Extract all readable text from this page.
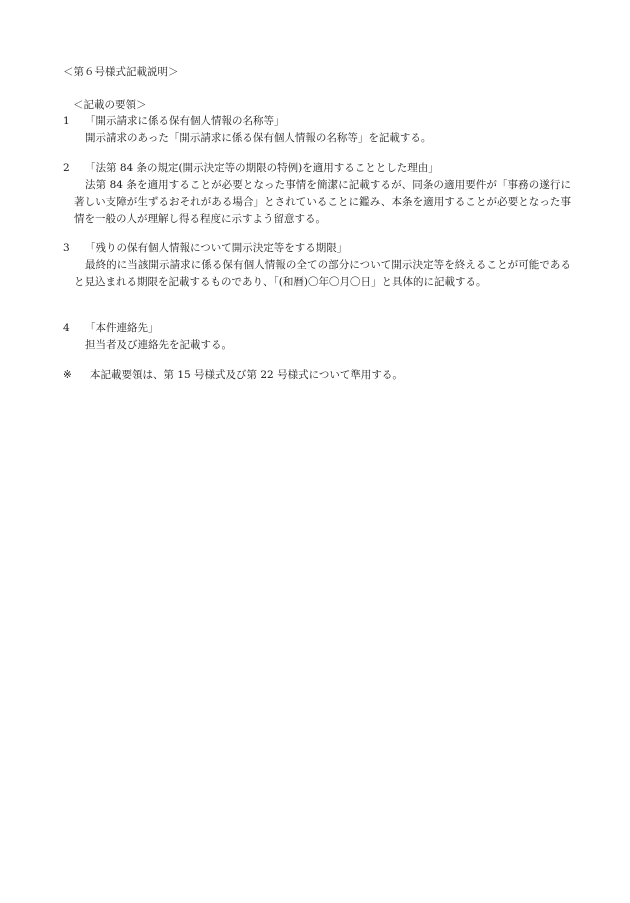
＜第６号様式記載説明＞
＜記載の要領＞
1	「開示請求に係る保有個人情報の名称等」
開示請求のあった「開示請求に係る保有個人情報の名称等」を記載する。
2	「法第 84 条の規定(開示決定等の期限の特例)を適用することとした理由」
法第 84 条を適用することが必要となった事情を簡潔に記載するが、同条の適用要件が「事務の遂行に著しい支障が生ずるおそれがある場合」とされていることに鑑み、本条を適用することが必要となった事情を一般の人が理解し得る程度に示すよう留意する。
3	「残りの保有個人情報について開示決定等をする期限」
最終的に当該開示請求に係る保有個人情報の全ての部分について開示決定等を終えることが可能であると見込まれる期限を記載するものであり、「(和暦)〇年〇月〇日」と具体的に記載する。
4	「本件連絡先」
担当者及び連絡先を記載する。
※	本記載要領は、第 15 号様式及び第 22 号様式について準用する。
